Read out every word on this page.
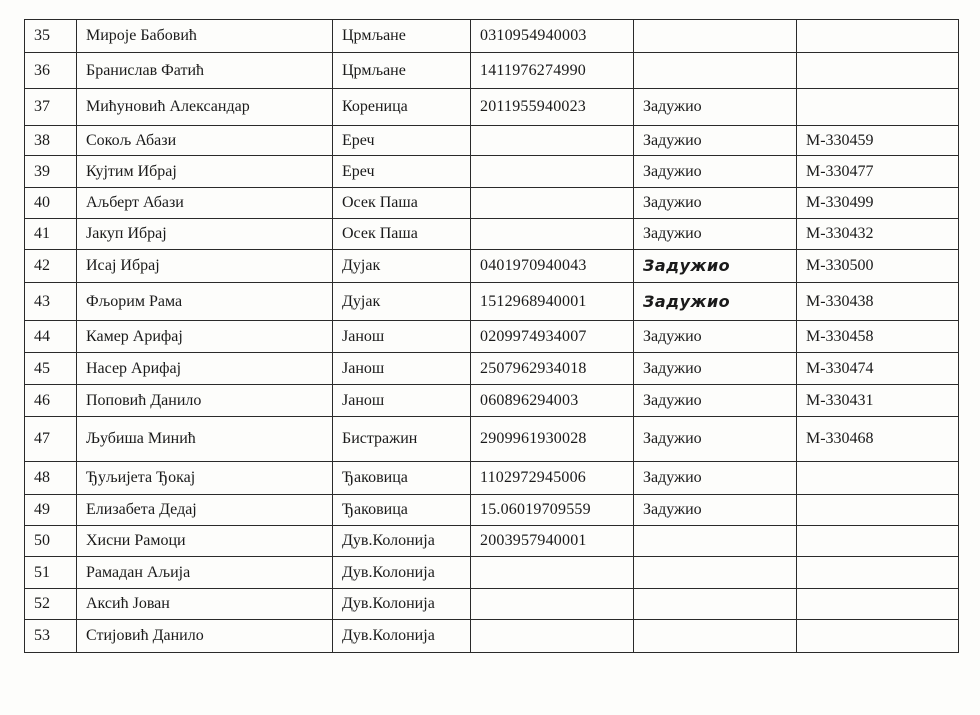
35	Мироје Бабовић	Црмљане	0310954940003		
36	Бранислав Фатић	Црмљане	1411976274990		
37	Мићуновић Александар	Кореница	2011955940023	Задужио	
38	Сокољ Абази	Ереч		Задужио	М-330459
39	Кујтим Ибрај	Ереч		Задужио	М-330477
40	Аљберт Абази	Осек Паша		Задужио	М-330499
41	Јакуп Ибрај	Осек Паша		Задужио	М-330432
42	Исај Ибрај	Дујак	0401970940043	Задужио	М-330500
43	Фљорим Рама	Дујак	1512968940001	Задужио	М-330438
44	Камер Арифај	Јанош	0209974934007	Задужио	М-330458
45	Насер Арифај	Јанош	2507962934018	Задужио	М-330474
46	Поповић Данило	Јанош	060896294003	Задужио	М-330431
47	Љубиша Минић	Бистражин	2909961930028	Задужио	М-330468
48	Ђуљијета Ђокај	Ђаковица	1102972945006	Задужио	
49	Елизабета Дедај	Ђаковица	15.06019709559	Задужио	
50	Хисни Рамоци	Дув.Колонија	2003957940001		
51	Рамадан Аљија	Дув.Колонија			
52	Аксић Јован	Дув.Колонија			
53	Стијовић Данило	Дув.Колонија			
